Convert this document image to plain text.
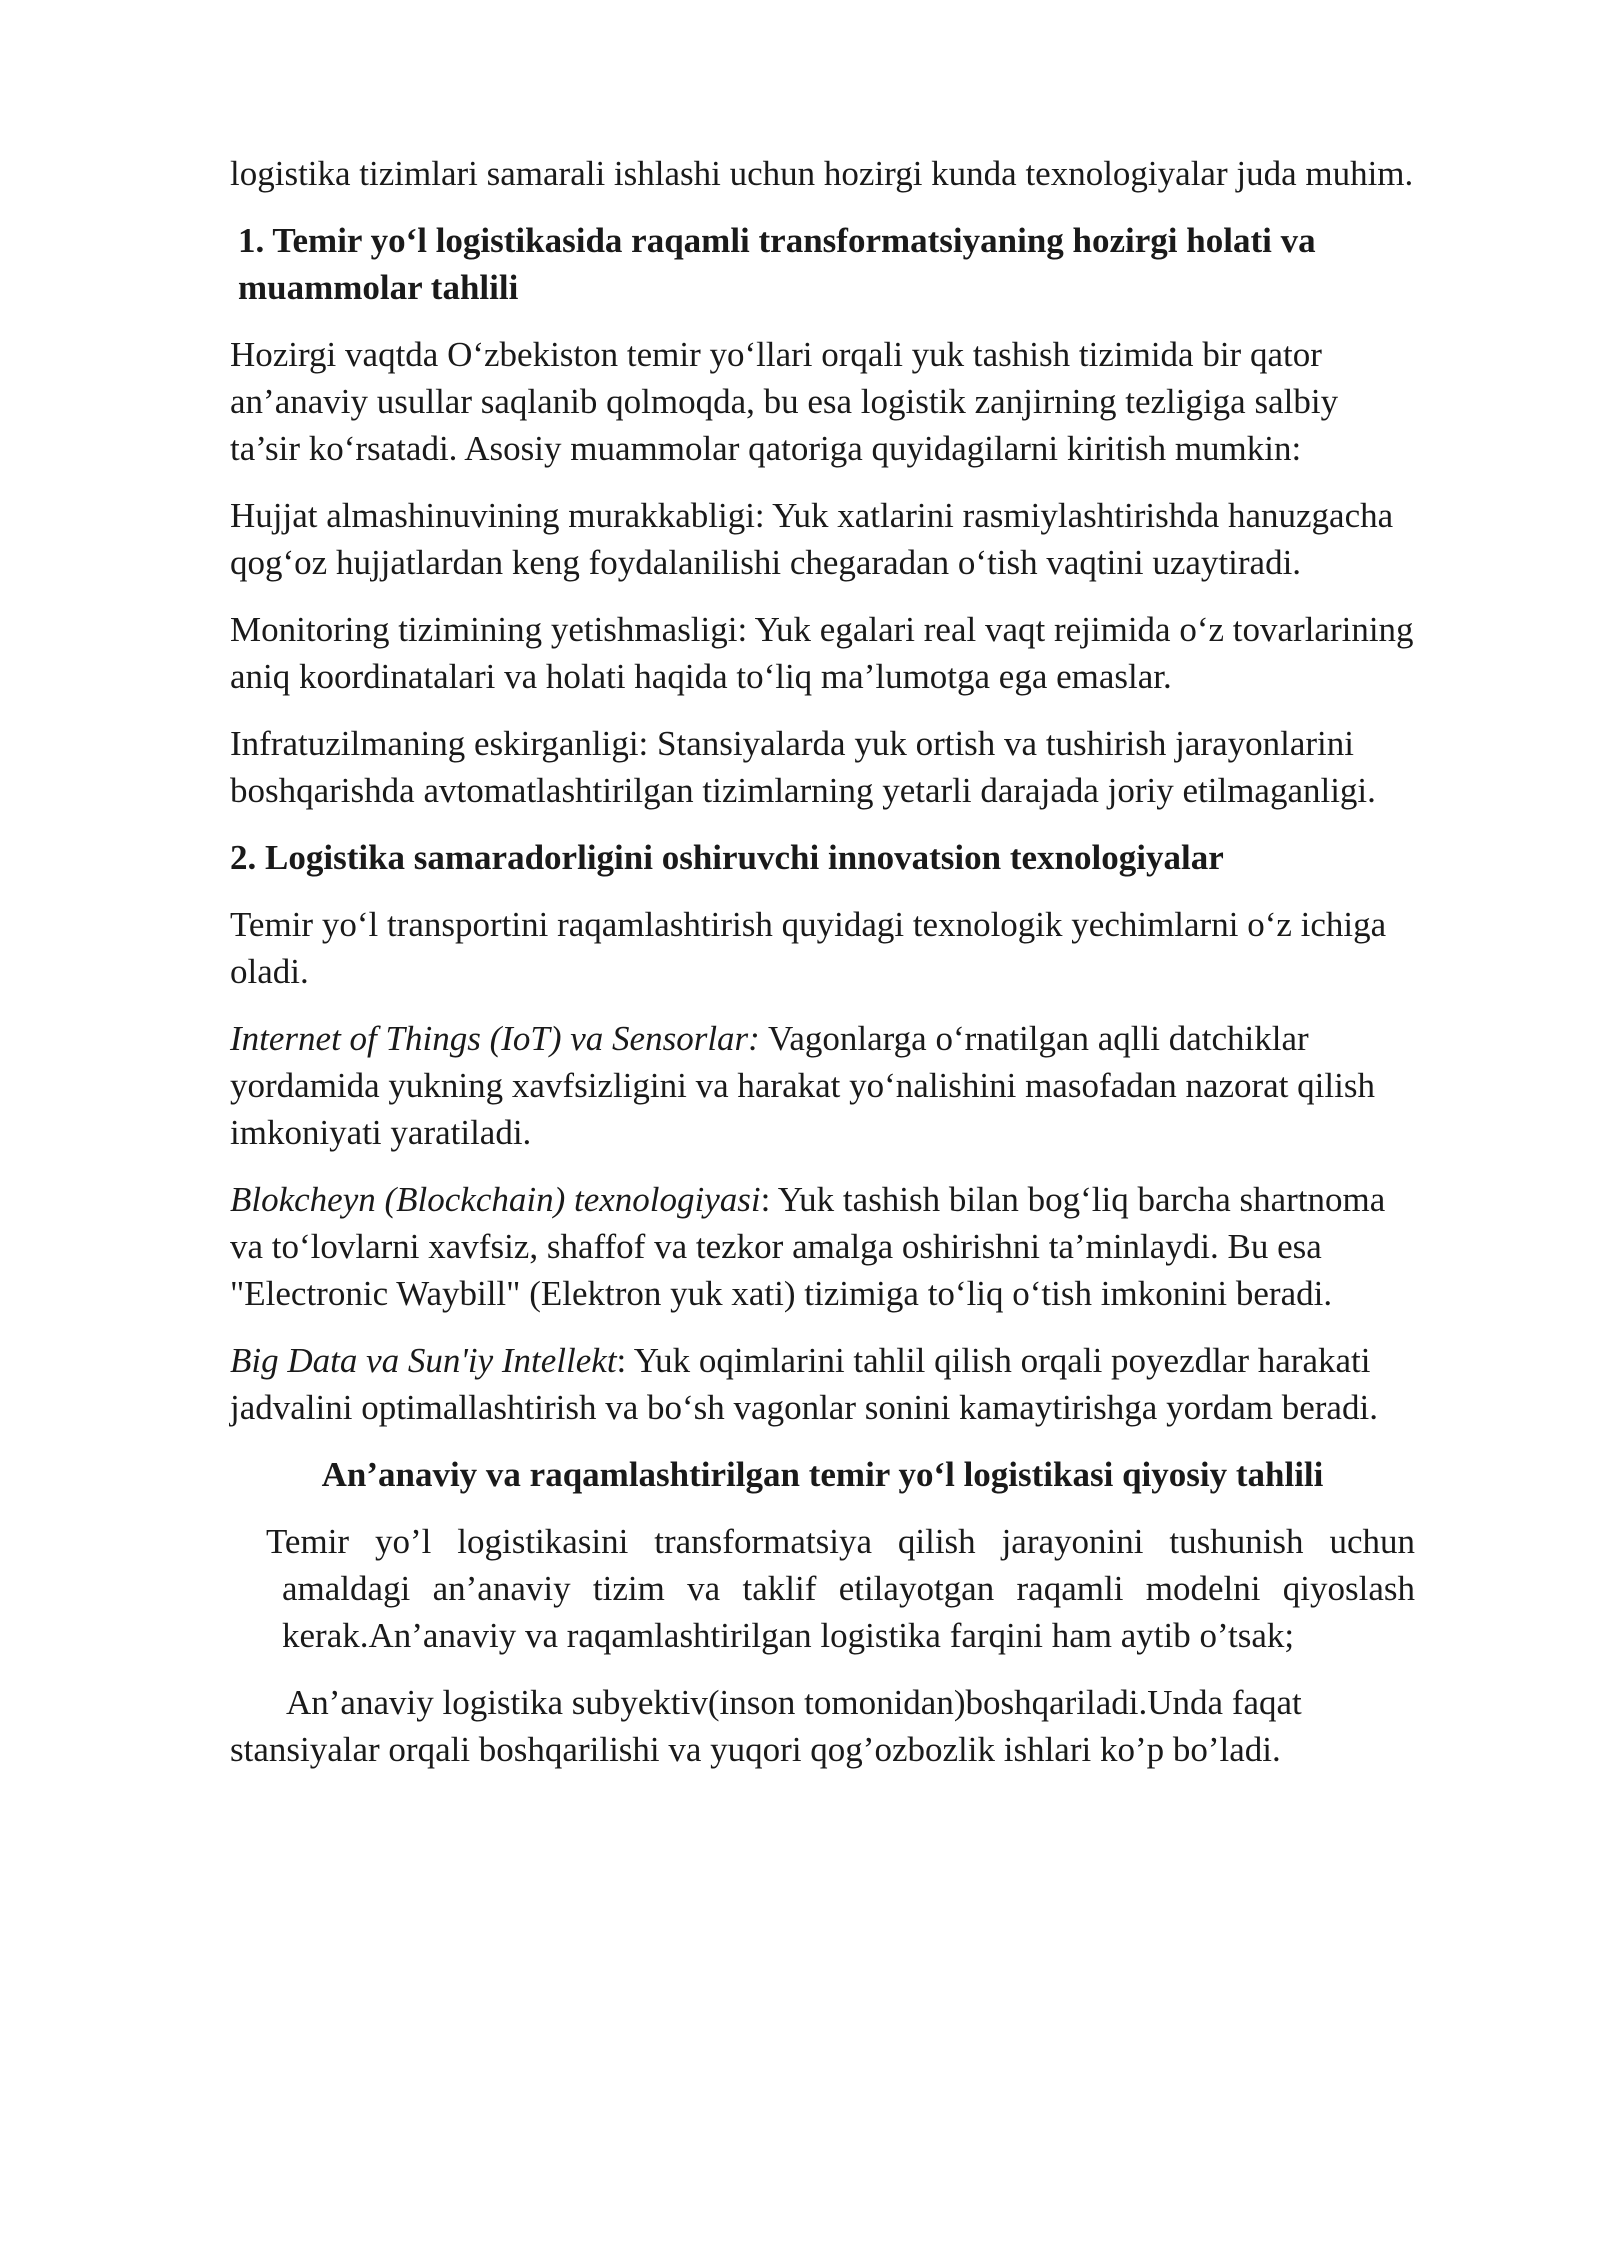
logistika tizimlari samarali ishlashi uchun hozirgi kunda texnologiyalar juda muhim.

1. Temir yo‘l logistikasida raqamli transformatsiyaning hozirgi holati va muammolar tahlili

Hozirgi vaqtda O‘zbekiston temir yo‘llari orqali yuk tashish tizimida bir qator an’anaviy usullar saqlanib qolmoqda, bu esa logistik zanjirning tezligiga salbiy ta’sir ko‘rsatadi. Asosiy muammolar qatoriga quyidagilarni kiritish mumkin:

Hujjat almashinuvining murakkabligi: Yuk xatlarini rasmiylashtirishda hanuzgacha qog‘oz hujjatlardan keng foydalanilishi chegaradan o‘tish vaqtini uzaytiradi.

Monitoring tizimining yetishmasligi: Yuk egalari real vaqt rejimida o‘z tovarlarining aniq koordinatalari va holati haqida to‘liq ma’lumotga ega emaslar.

Infratuzilmaning eskirganligi: Stansiyalarda yuk ortish va tushirish jarayonlarini boshqarishda avtomatlashtirilgan tizimlarning yetarli darajada joriy etilmaganligi.

2. Logistika samaradorligini oshiruvchi innovatsion texnologiyalar

Temir yo‘l transportini raqamlashtirish quyidagi texnologik yechimlarni o‘z ichiga oladi.

Internet of Things (IoT) va Sensorlar: Vagonlarga o‘rnatilgan aqlli datchiklar yordamida yukning xavfsizligini va harakat yo‘nalishini masofadan nazorat qilish imkoniyati yaratiladi.

Blokcheyn (Blockchain) texnologiyasi: Yuk tashish bilan bog‘liq barcha shartnoma va to‘lovlarni xavfsiz, shaffof va tezkor amalga oshirishni ta’minlaydi. Bu esa "Electronic Waybill" (Elektron yuk xati) tizimiga to‘liq o‘tish imkonini beradi.

Big Data va Sun'iy Intellekt: Yuk oqimlarini tahlil qilish orqali poyezdlar harakati jadvalini optimallashtirish va bo‘sh vagonlar sonini kamaytirishga yordam beradi.

An’anaviy va raqamlashtirilgan temir yo‘l logistikasi qiyosiy tahlili

Temir yo’l logistikasini transformatsiya qilish jarayonini tushunish uchun amaldagi an’anaviy tizim va taklif etilayotgan raqamli modelni qiyoslash kerak.An’anaviy va raqamlashtirilgan logistika farqini ham aytib o’tsak;

An’anaviy logistika subyektiv(inson tomonidan)boshqariladi.Unda faqat stansiyalar orqali boshqarilishi va yuqori qog’ozbozlik ishlari ko’p bo’ladi.
